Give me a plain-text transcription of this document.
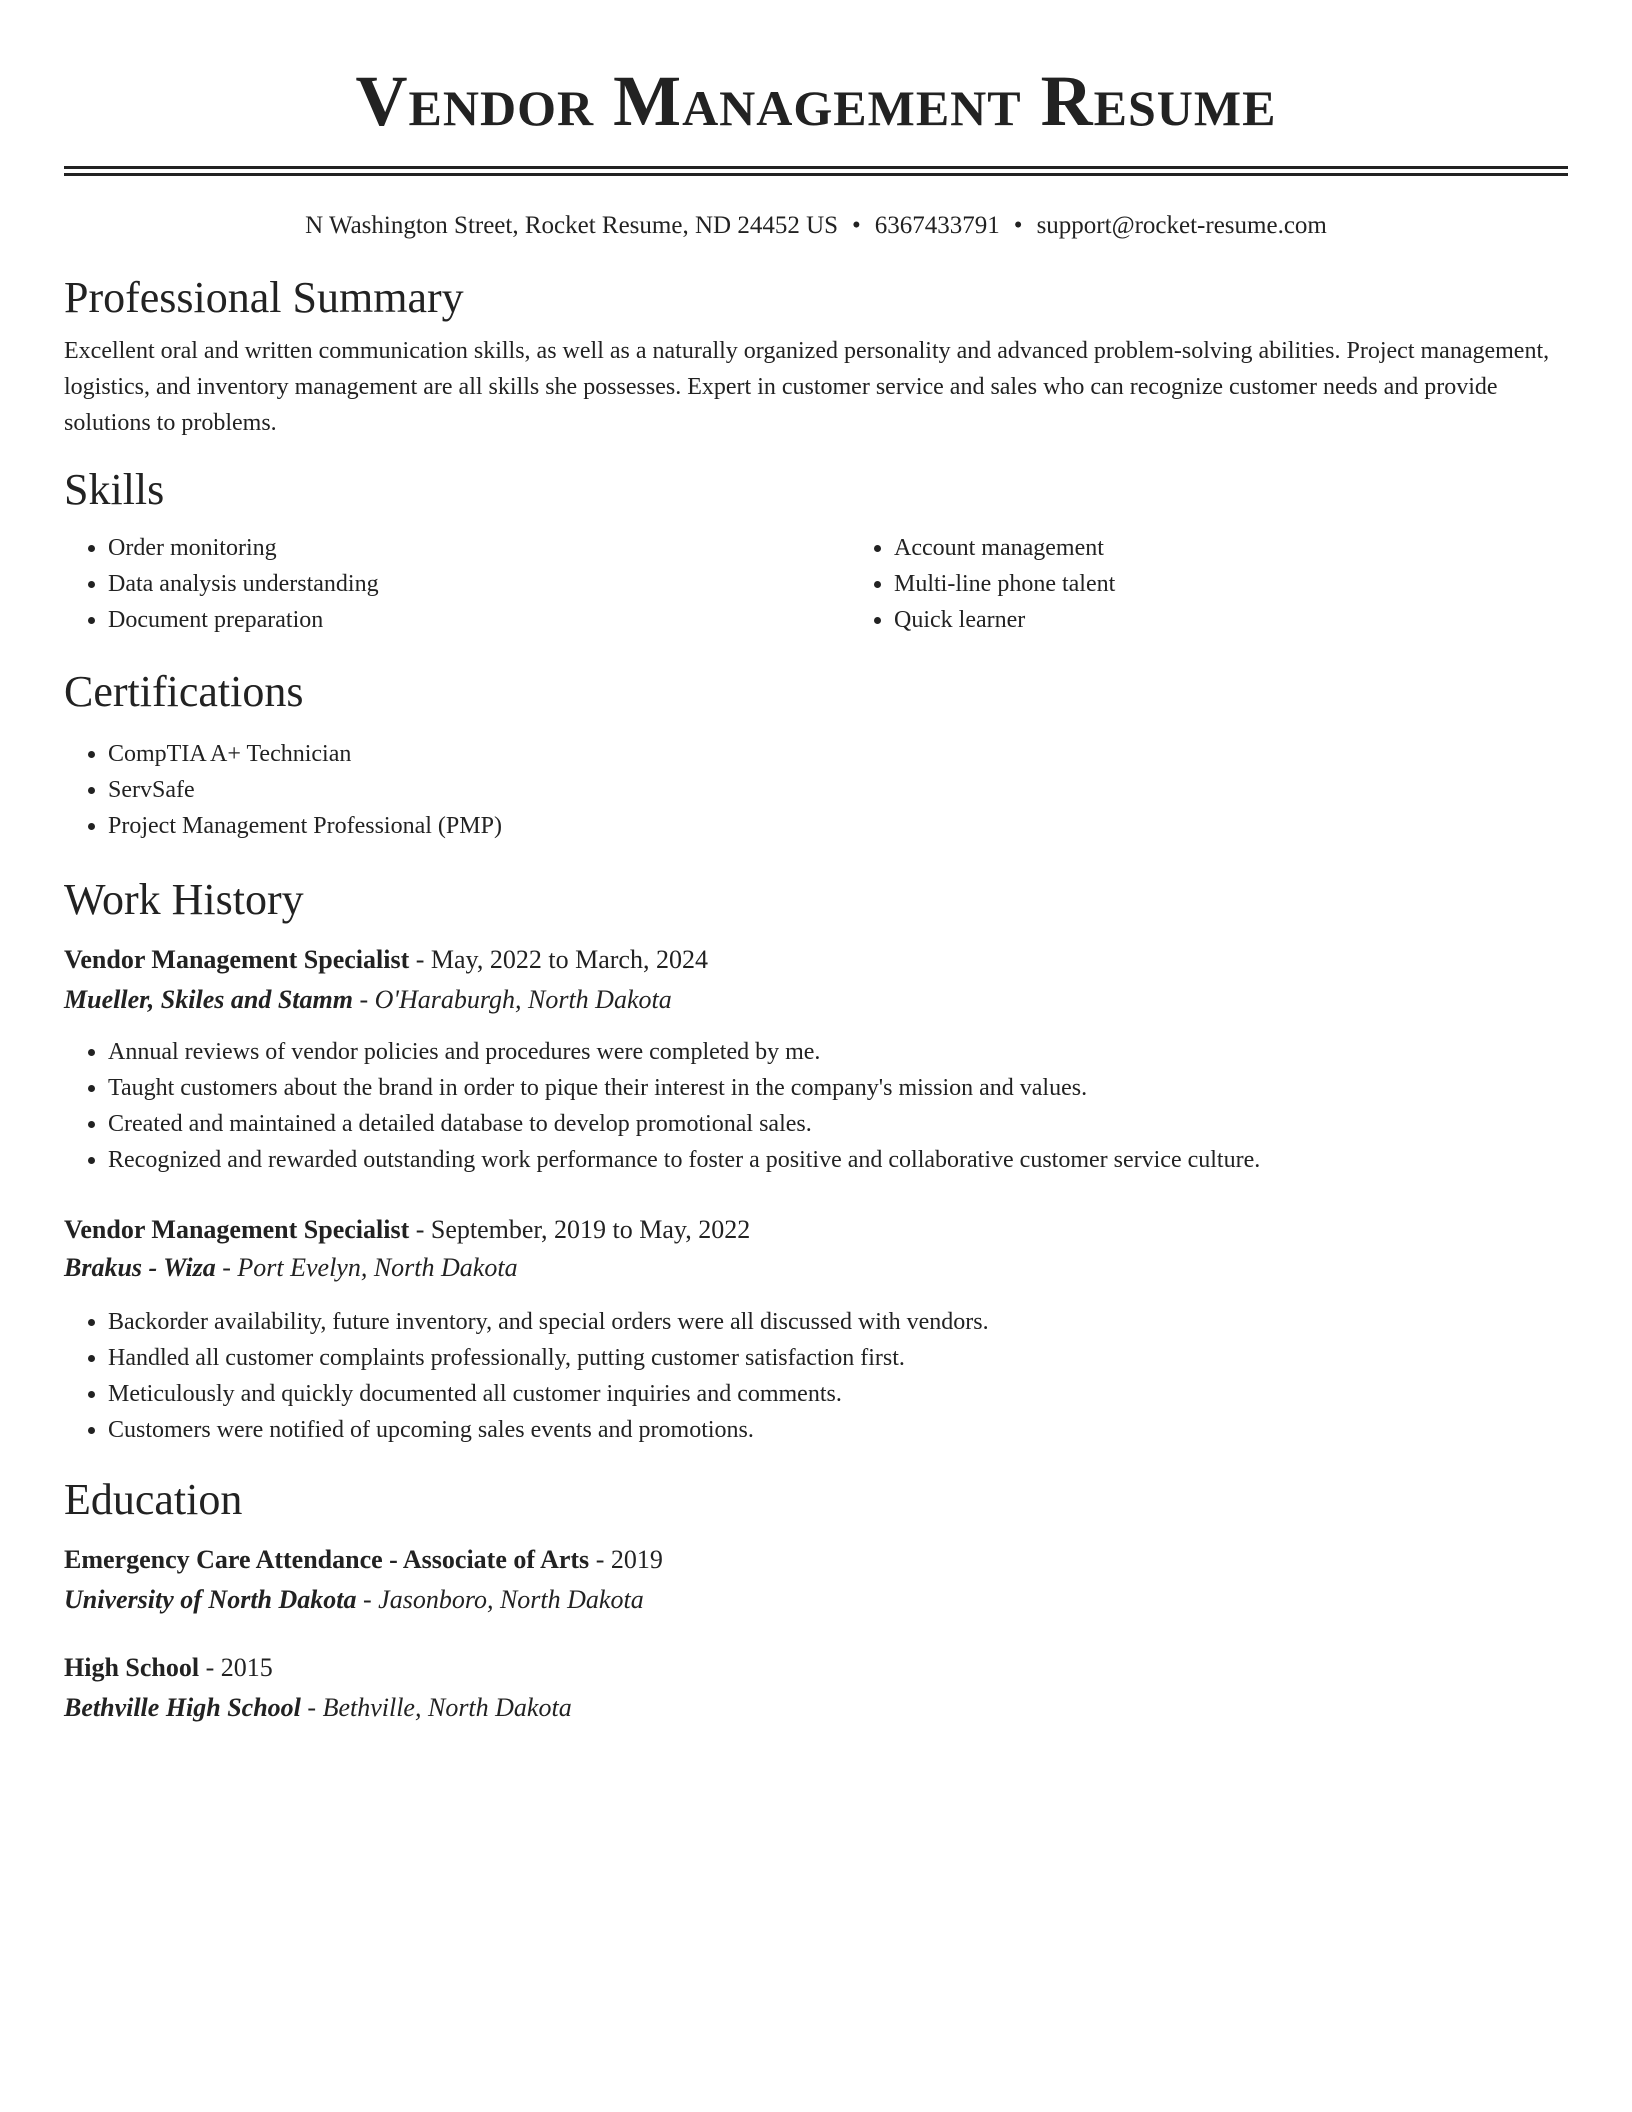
Vendor Management Resume
N Washington Street, Rocket Resume, ND 24452 US • 6367433791 • support@rocket-resume.com
Professional Summary

Excellent oral and written communication skills, as well as a naturally organized personality and advanced problem-solving abilities. Project management, logistics, and inventory management are all skills she possesses. Expert in customer service and sales who can recognize customer needs and provide solutions to problems.

Skills
• Order monitoring
• Data analysis understanding
• Document preparation
• Account management
• Multi-line phone talent
• Quick learner
Certifications
• CompTIA A+ Technician
• ServSafe
• Project Management Professional (PMP)
Work History
Vendor Management Specialist - May, 2022 to March, 2024
Mueller, Skiles and Stamm - O'Haraburgh, North Dakota
• Annual reviews of vendor policies and procedures were completed by me.
• Taught customers about the brand in order to pique their interest in the company's mission and values.
• Created and maintained a detailed database to develop promotional sales.
• Recognized and rewarded outstanding work performance to foster a positive and collaborative customer service culture.
Vendor Management Specialist - September, 2019 to May, 2022
Brakus - Wiza - Port Evelyn, North Dakota
• Backorder availability, future inventory, and special orders were all discussed with vendors.
• Handled all customer complaints professionally, putting customer satisfaction first.
• Meticulously and quickly documented all customer inquiries and comments.
• Customers were notified of upcoming sales events and promotions.
Education
Emergency Care Attendance - Associate of Arts - 2019
University of North Dakota - Jasonboro, North Dakota
High School - 2015
Bethville High School - Bethville, North Dakota
